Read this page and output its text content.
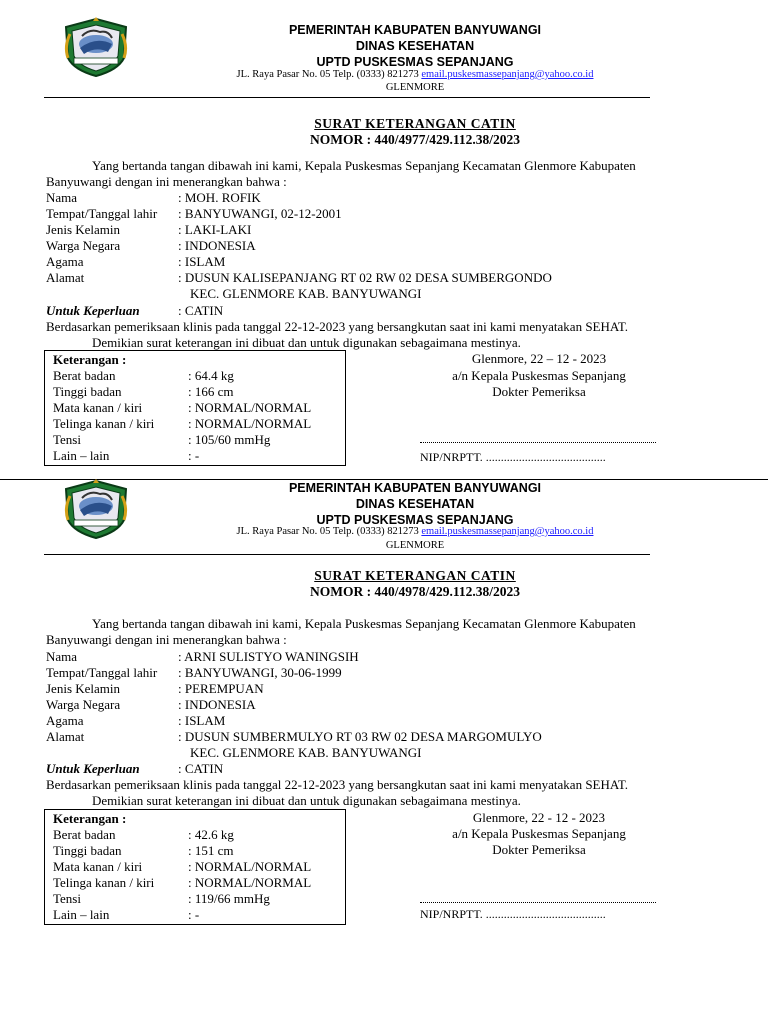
PEMERINTAH KABUPATEN BANYUWANGI
DINAS KESEHATAN
UPTD PUSKESMAS SEPANJANG
JL. Raya Pasar No. 05 Telp. (0333) 821273 email.puskesmassepanjang@yahoo.co.id
GLENMORE
SURAT KETERANGAN CATIN
NOMOR : 440/4977/429.112.38/2023
Yang bertanda tangan dibawah ini kami, Kepala Puskesmas Sepanjang Kecamatan Glenmore Kabupaten
Banyuwangi dengan ini menerangkan bahwa :
Nama	: MOH. ROFIK
Tempat/Tanggal lahir : BANYUWANGI, 02-12-2001
Jenis Kelamin	: LAKI-LAKI
Warga Negara	: INDONESIA
Agama	: ISLAM
Alamat	: DUSUN KALISEPANJANG RT 02 RW 02 DESA SUMBERGONDO
KEC. GLENMORE KAB. BANYUWANGI
Untuk Keperluan	: CATIN
Berdasarkan pemeriksaan klinis pada tanggal 22-12-2023 yang bersangkutan saat ini kami menyatakan SEHAT.
Demikian surat keterangan ini dibuat dan untuk digunakan sebagaimana mestinya.
Keterangan :
Berat badan	: 64.4 kg
Tinggi badan	: 166 cm
Mata kanan / kiri	: NORMAL/NORMAL
Telinga kanan / kiri	: NORMAL/NORMAL
Tensi	: 105/60 mmHg
Lain – lain	: -
Glenmore, 22 – 12 - 2023
a/n Kepala Puskesmas Sepanjang
Dokter Pemeriksa
NIP/NRPTT. ........................................
PEMERINTAH KABUPATEN BANYUWANGI
DINAS KESEHATAN
UPTD PUSKESMAS SEPANJANG
JL. Raya Pasar No. 05 Telp. (0333) 821273 email.puskesmassepanjang@yahoo.co.id
GLENMORE
SURAT KETERANGAN CATIN
NOMOR : 440/4978/429.112.38/2023
Yang bertanda tangan dibawah ini kami, Kepala Puskesmas Sepanjang Kecamatan Glenmore Kabupaten
Banyuwangi dengan ini menerangkan bahwa :
Nama	: ARNI SULISTYO WANINGSIH
Tempat/Tanggal lahir : BANYUWANGI, 30-06-1999
Jenis Kelamin	: PEREMPUAN
Warga Negara	: INDONESIA
Agama	: ISLAM
Alamat	: DUSUN SUMBERMULYO RT 03 RW 02 DESA MARGOMULYO
KEC. GLENMORE KAB. BANYUWANGI
Untuk Keperluan	: CATIN
Berdasarkan pemeriksaan klinis pada tanggal 22-12-2023 yang bersangkutan saat ini kami menyatakan SEHAT.
Demikian surat keterangan ini dibuat dan untuk digunakan sebagaimana mestinya.
Keterangan :
Berat badan	: 42.6 kg
Tinggi badan	: 151 cm
Mata kanan / kiri	: NORMAL/NORMAL
Telinga kanan / kiri	: NORMAL/NORMAL
Tensi	: 119/66 mmHg
Lain – lain	: -
Glenmore, 22 - 12 - 2023
a/n Kepala Puskesmas Sepanjang
Dokter Pemeriksa
NIP/NRPTT. ........................................
